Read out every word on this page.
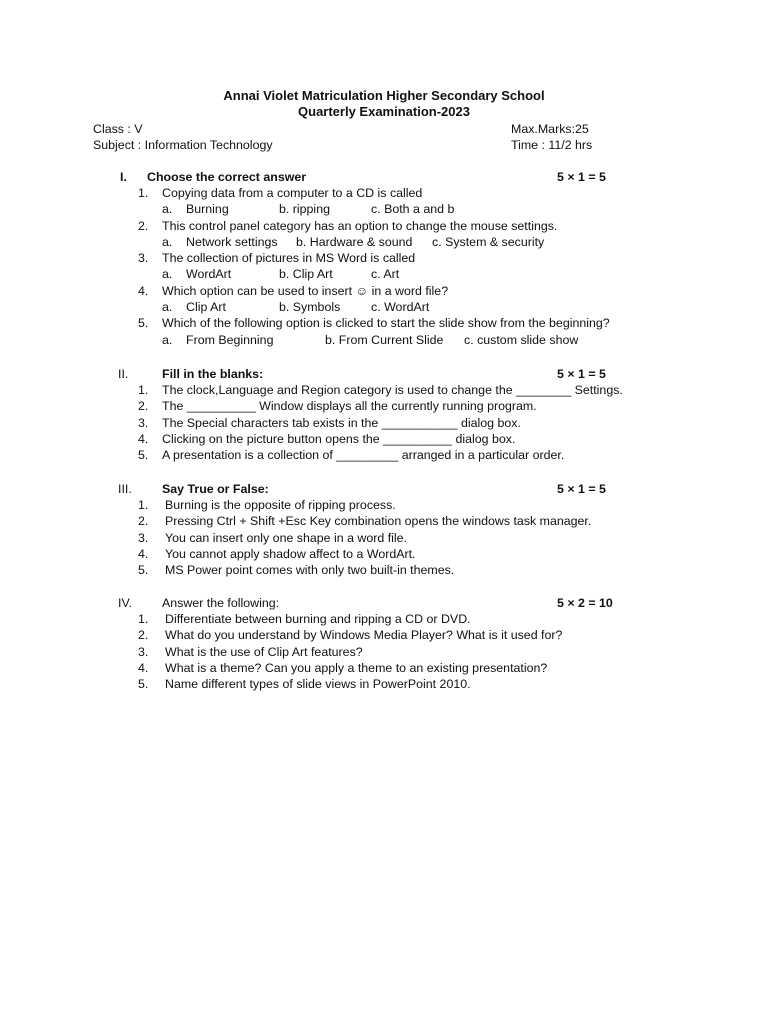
Annai Violet Matriculation Higher Secondary School
Quarterly Examination-2023
Class : V	Max.Marks:25
Subject : Information Technology	Time : 11/2 hrs
I. Choose the correct answer	5 × 1 = 5
1. Copying data from a computer to a CD is called
a. Burning	b. ripping	c. Both a and b
2. This control panel category has an option to change the mouse settings.
a. Network settings b. Hardware & sound c. System & security
3. The collection of pictures in MS Word is called
a. WordArt	b. Clip Art	c. Art
4. Which option can be used to insert ☺ in a word file?
a. Clip Art	b. Symbols c. WordArt
5. Which of the following option is clicked to start the slide show from the beginning?
a. From Beginning	b. From Current Slide c. custom slide show
II.	Fill in the blanks:	5 × 1 = 5
1. The clock,Language and Region category is used to change the ________ Settings.
2. The __________ Window displays all the currently running program.
3. The Special characters tab exists in the ___________ dialog box.
4. Clicking on the picture button opens the __________ dialog box.
5. A presentation is a collection of _________ arranged in a particular order.
III. Say True or False:	5 × 1 = 5
1. Burning is the opposite of ripping process.
2. Pressing Ctrl + Shift +Esc Key combination opens the windows task manager.
3. You can insert only one shape in a word file.
4. You cannot apply shadow affect to a WordArt.
5. MS Power point comes with only two built-in themes.
IV. Answer the following:	5 × 2 = 10
1. Differentiate between burning and ripping a CD or DVD.
2. What do you understand by Windows Media Player? What is it used for?
3. What is the use of Clip Art features?
4. What is a theme? Can you apply a theme to an existing presentation?
5. Name different types of slide views in PowerPoint 2010.
